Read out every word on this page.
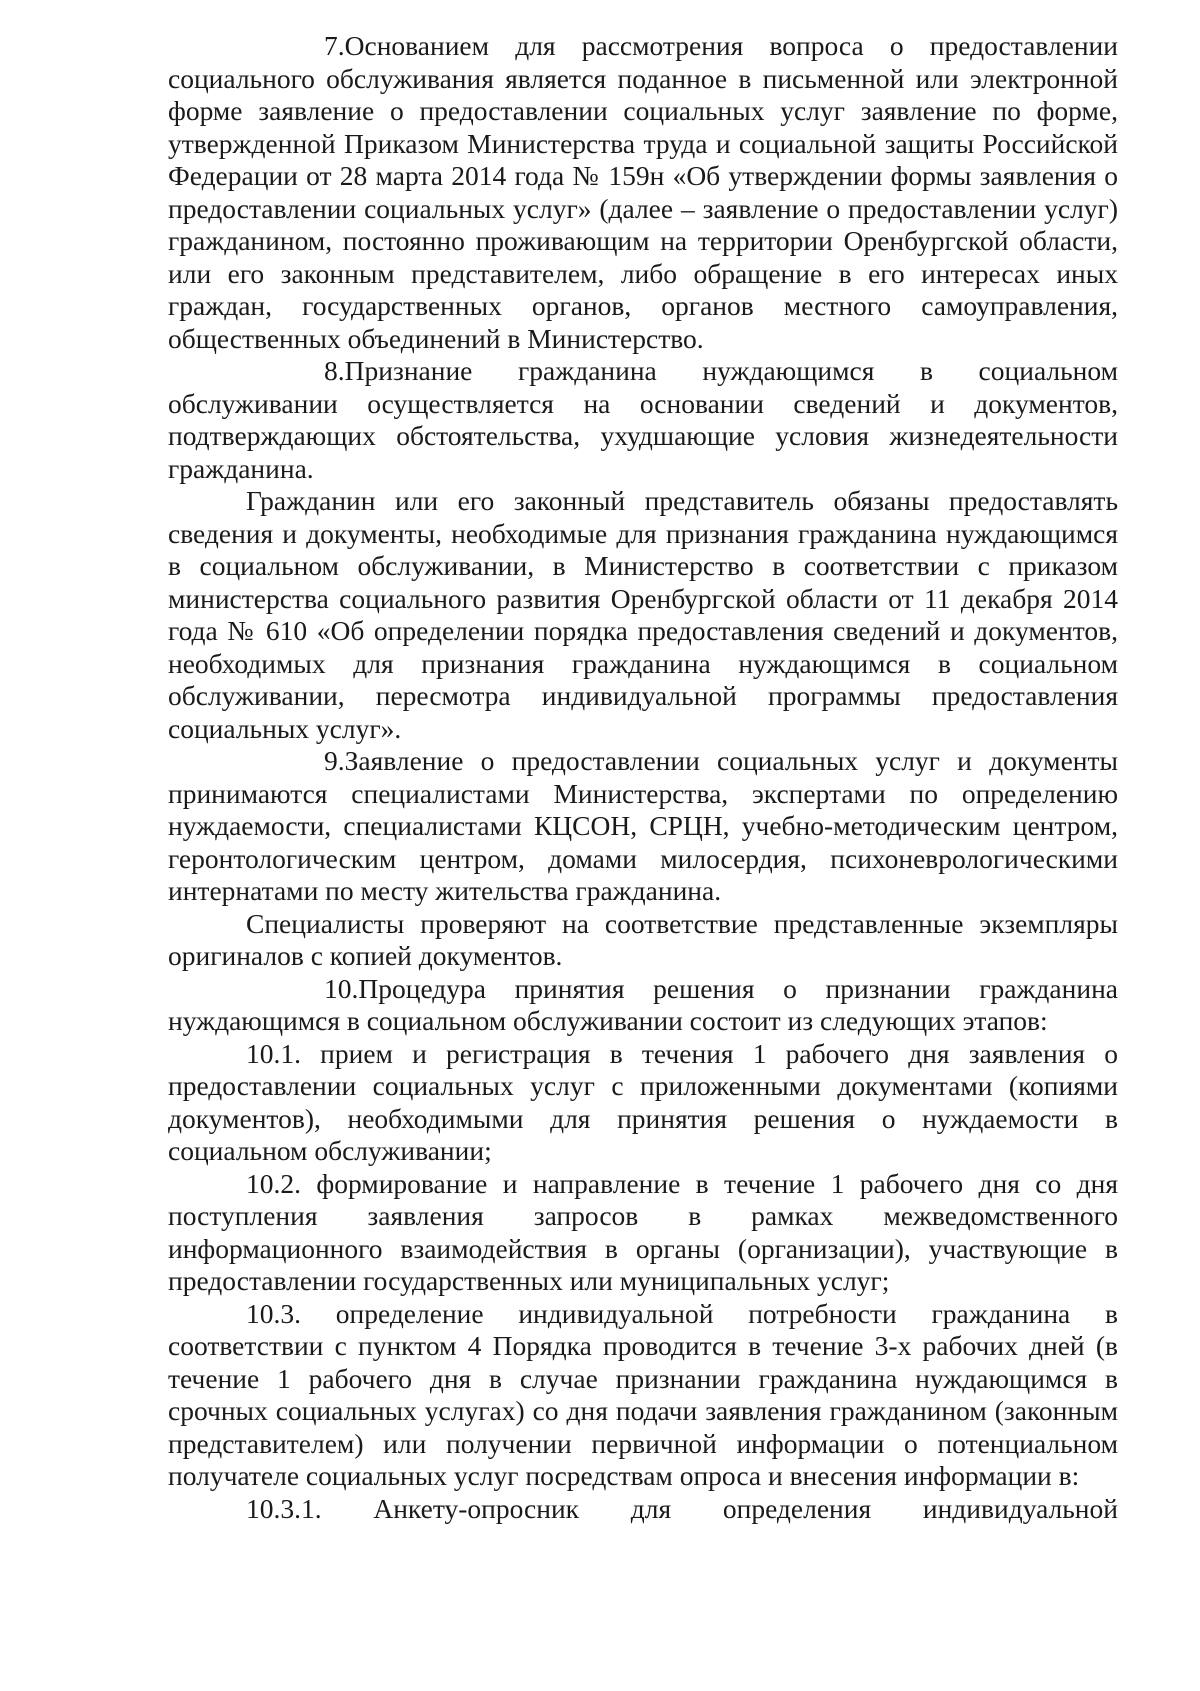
7.Основанием для рассмотрения вопроса о предоставлении социального обслуживания является поданное в письменной или электронной форме заявление о предоставлении социальных услуг заявление по форме, утвержденной Приказом Министерства труда и социальной защиты Российской Федерации от 28 марта 2014 года № 159н «Об утверждении формы заявления о предоставлении социальных услуг» (далее – заявление о предоставлении услуг) гражданином, постоянно проживающим на территории Оренбургской области, или его законным представителем, либо обращение в его интересах иных граждан, государственных органов, органов местного самоуправления, общественных объединений в Министерство.

8.Признание гражданина нуждающимся в социальном обслуживании осуществляется на основании сведений и документов, подтверждающих обстоятельства, ухудшающие условия жизнедеятельности гражданина.

Гражданин или его законный представитель обязаны предоставлять сведения и документы, необходимые для признания гражданина нуждающимся в социальном обслуживании, в Министерство в соответствии с приказом министерства социального развития Оренбургской области от 11 декабря 2014 года № 610 «Об определении порядка предоставления сведений и документов, необходимых для признания гражданина нуждающимся в социальном обслуживании, пересмотра индивидуальной программы предоставления социальных услуг».

9.Заявление о предоставлении социальных услуг и документы принимаются специалистами Министерства, экспертами по определению нуждаемости, специалистами КЦСОН, СРЦН, учебно-методическим центром, геронтологическим центром, домами милосердия, психоневрологическими интернатами по месту жительства гражданина.

Специалисты проверяют на соответствие представленные экземпляры оригиналов с копией документов.

10.Процедура принятия решения о признании гражданина нуждающимся в социальном обслуживании состоит из следующих этапов:

10.1. прием и регистрация в течения 1 рабочего дня заявления о предоставлении социальных услуг с приложенными документами (копиями документов), необходимыми для принятия решения о нуждаемости в социальном обслуживании;

10.2. формирование и направление в течение 1 рабочего дня со дня поступления заявления запросов в рамках межведомственного информационного взаимодействия в органы (организации), участвующие в предоставлении государственных или муниципальных услуг;

10.3. определение индивидуальной потребности гражданина в соответствии с пунктом 4 Порядка проводится в течение 3-х рабочих дней (в течение 1 рабочего дня в случае признании гражданина нуждающимся в срочных социальных услугах) со дня подачи заявления гражданином (законным представителем) или получении первичной информации о потенциальном получателе социальных услуг посредствам опроса и внесения информации в:

10.3.1. Анкету-опросник для определения индивидуальной
